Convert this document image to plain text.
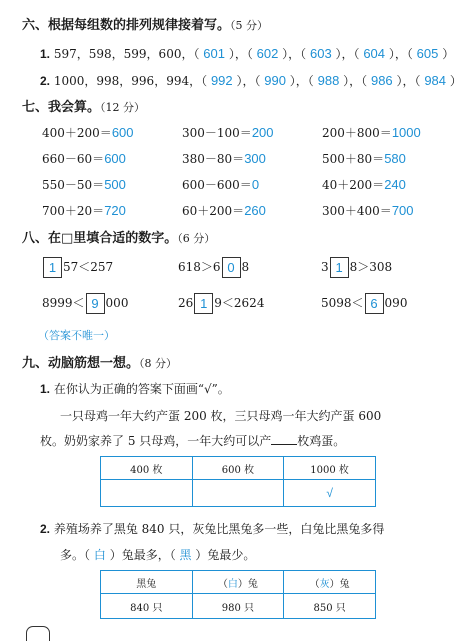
六、根据每组数的排列规律接着写。（5 分）
1. 597，598，599，600，（ 601 ），（ 602 ），（ 603 ），（ 604 ），（ 605 ）
2. 1000，998，996，994，（ 992 ），（ 990 ），（ 988 ），（ 986 ），（ 984 ）
七、我会算。（12 分）
400＋200＝600	300－100＝200	200＋800＝1000
660－60＝600	380－80＝300	500＋80＝580
550－50＝500	600－600＝0	40＋200＝240
700＋20＝720	60＋200＝260	300＋400＝700
八、在□里填合适的数字。（6 分）
1 57＜257	618＞6 0 8	3 1 8＞308
8999＜ 9 000	26 1 9＜2624	5098＜ 6 090
（答案不唯一）
九、动脑筋想一想。（8 分）
1. 在你认为正确的答案下面画“√”。
一只母鸡一年大约产蛋 200 枚，三只母鸡一年大约产蛋 600
枚。奶奶家养了 5 只母鸡，一年大约可以产 枚鸡蛋。
400 枚	600 枚	1000 枚
		√
2. 养殖场养了黑兔 840 只，灰兔比黑兔多一些，白兔比黑兔多得
多。（ 白 ）兔最多，（ 黑 ）兔最少。
黑兔	（白）兔	（灰）兔
840 只	980 只	850 只
